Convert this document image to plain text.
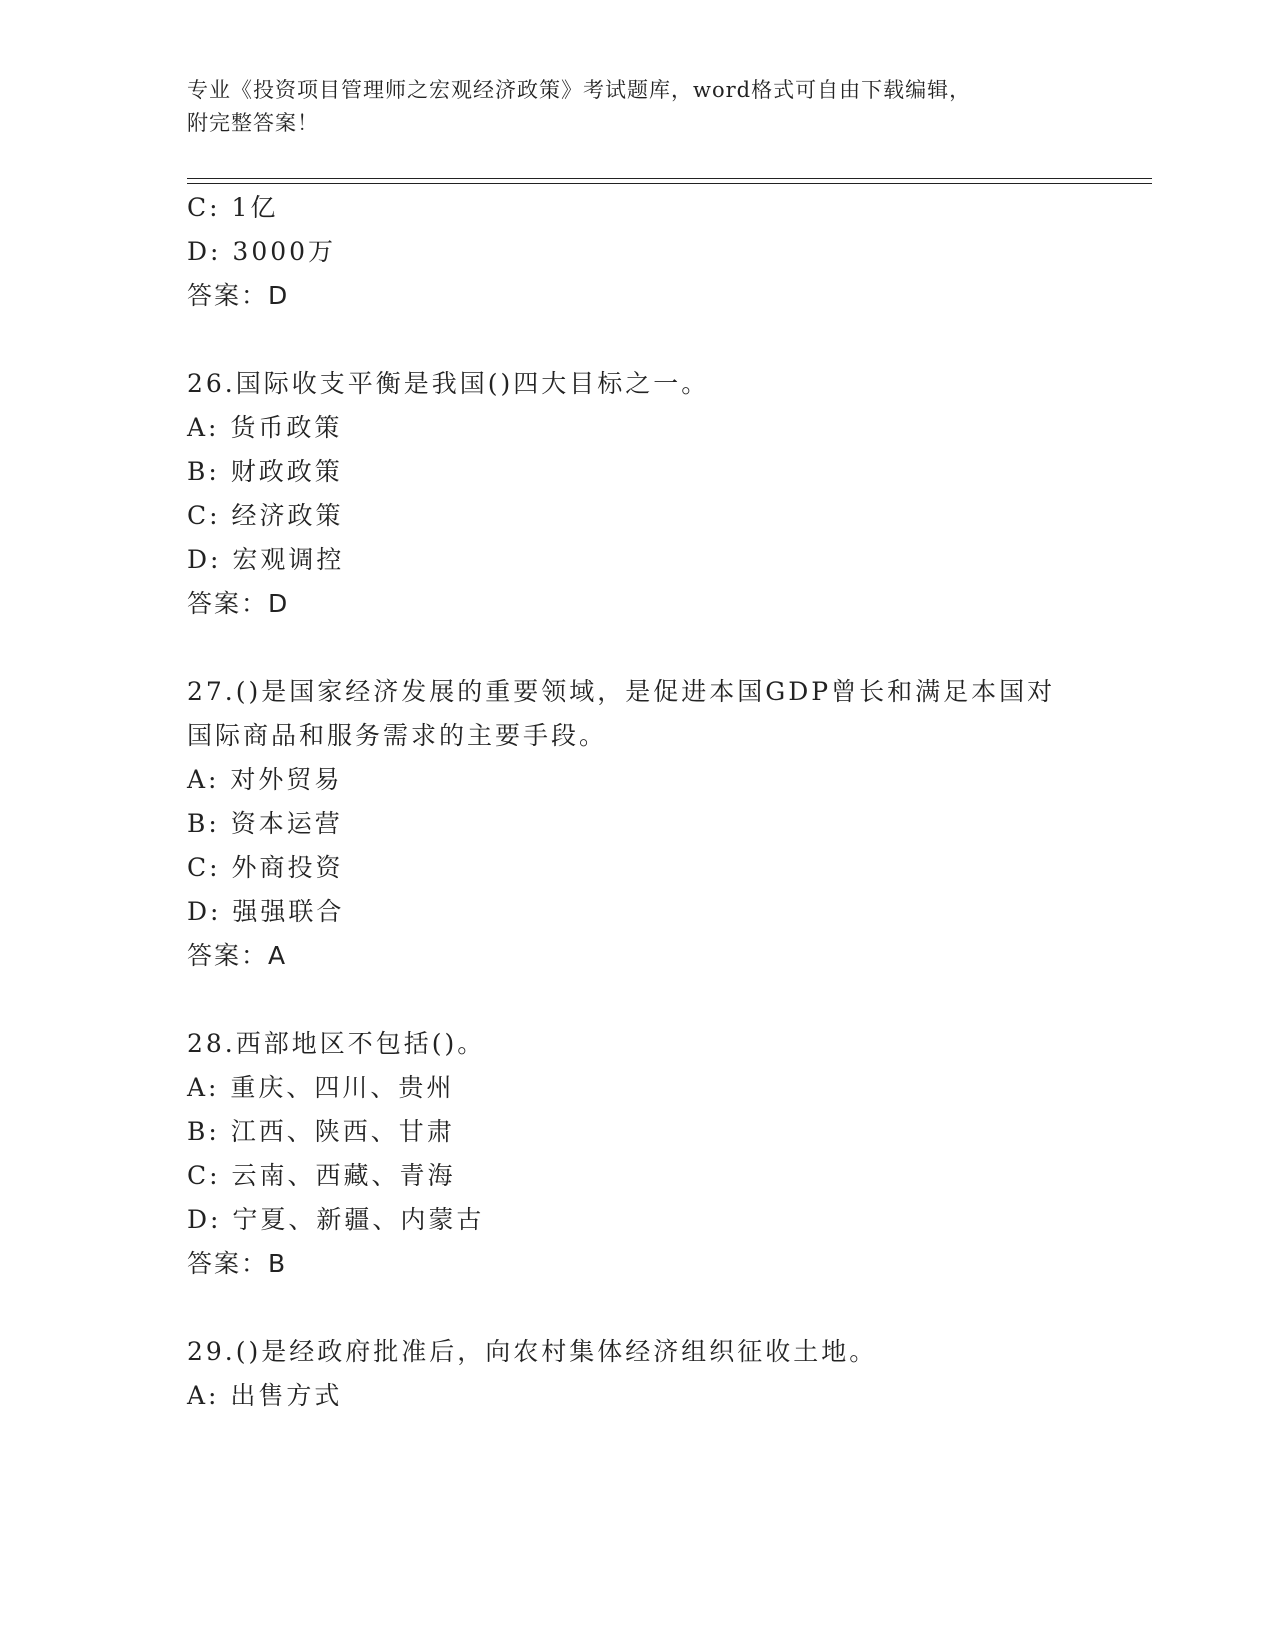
专业《投资项目管理师之宏观经济政策》考试题库，word格式可自由下载编辑，
附完整答案！
C: 1亿
D: 3000万
答案：D
26.国际收支平衡是我国()四大目标之一。
A: 货币政策
B: 财政政策
C: 经济政策
D: 宏观调控
答案：D
27.()是国家经济发展的重要领域，是促进本国GDP曾长和满足本国对
国际商品和服务需求的主要手段。
A: 对外贸易
B: 资本运营
C: 外商投资
D: 强强联合
答案：A
28.西部地区不包括()。
A: 重庆、四川、贵州
B: 江西、陕西、甘肃
C: 云南、西藏、青海
D: 宁夏、新疆、内蒙古
答案：B
29.()是经政府批准后，向农村集体经济组织征收土地。
A: 出售方式
